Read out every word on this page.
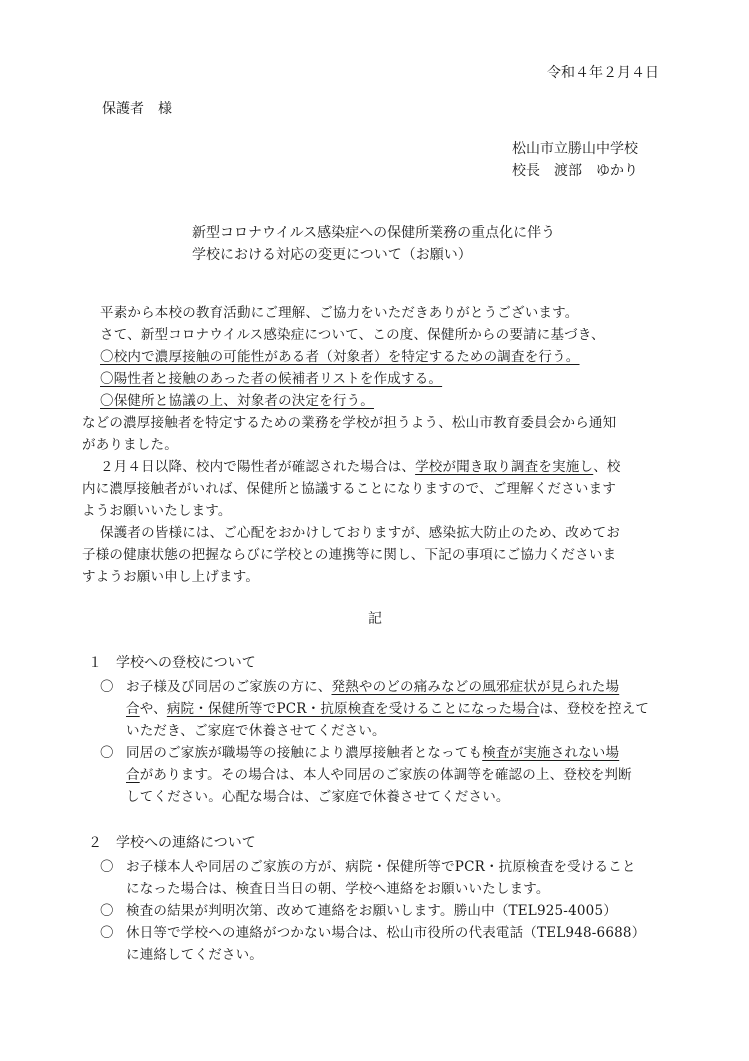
令和４年２月４日
保護者　様
松山市立勝山中学校
校長　渡部　ゆかり
新型コロナウイルス感染症への保健所業務の重点化に伴う
学校における対応の変更について（お願い）
平素から本校の教育活動にご理解、ご協力をいただきありがとうございます。
さて、新型コロナウイルス感染症について、この度、保健所からの要請に基づき、
〇校内で濃厚接触の可能性がある者（対象者）を特定するための調査を行う。
〇陽性者と接触のあった者の候補者リストを作成する。
〇保健所と協議の上、対象者の決定を行う。
などの濃厚接触者を特定するための業務を学校が担うよう、松山市教育委員会から通知
がありました。
２月４日以降、校内で陽性者が確認された場合は、学校が聞き取り調査を実施し、校
内に濃厚接触者がいれば、保健所と協議することになりますので、ご理解くださいます
ようお願いいたします。
保護者の皆様には、ご心配をおかけしておりますが、感染拡大防止のため、改めてお
子様の健康状態の把握ならびに学校との連携等に関し、下記の事項にご協力くださいま
すようお願い申し上げます。
記
１　学校への登校について
〇 お子様及び同居のご家族の方に、発熱やのどの痛みなどの風邪症状が見られた場
合や、病院・保健所等でPCR・抗原検査を受けることになった場合は、登校を控えて
いただき、ご家庭で休養させてください。
〇 同居のご家族が職場等の接触により濃厚接触者となっても検査が実施されない場
合があります。その場合は、本人や同居のご家族の体調等を確認の上、登校を判断
してください。心配な場合は、ご家庭で休養させてください。
２　学校への連絡について
〇 お子様本人や同居のご家族の方が、病院・保健所等でPCR・抗原検査を受けること
になった場合は、検査日当日の朝、学校へ連絡をお願いいたします。
〇 検査の結果が判明次第、改めて連絡をお願いします。勝山中（TEL925-4005）
〇 休日等で学校への連絡がつかない場合は、松山市役所の代表電話（TEL948-6688）
に連絡してください。
